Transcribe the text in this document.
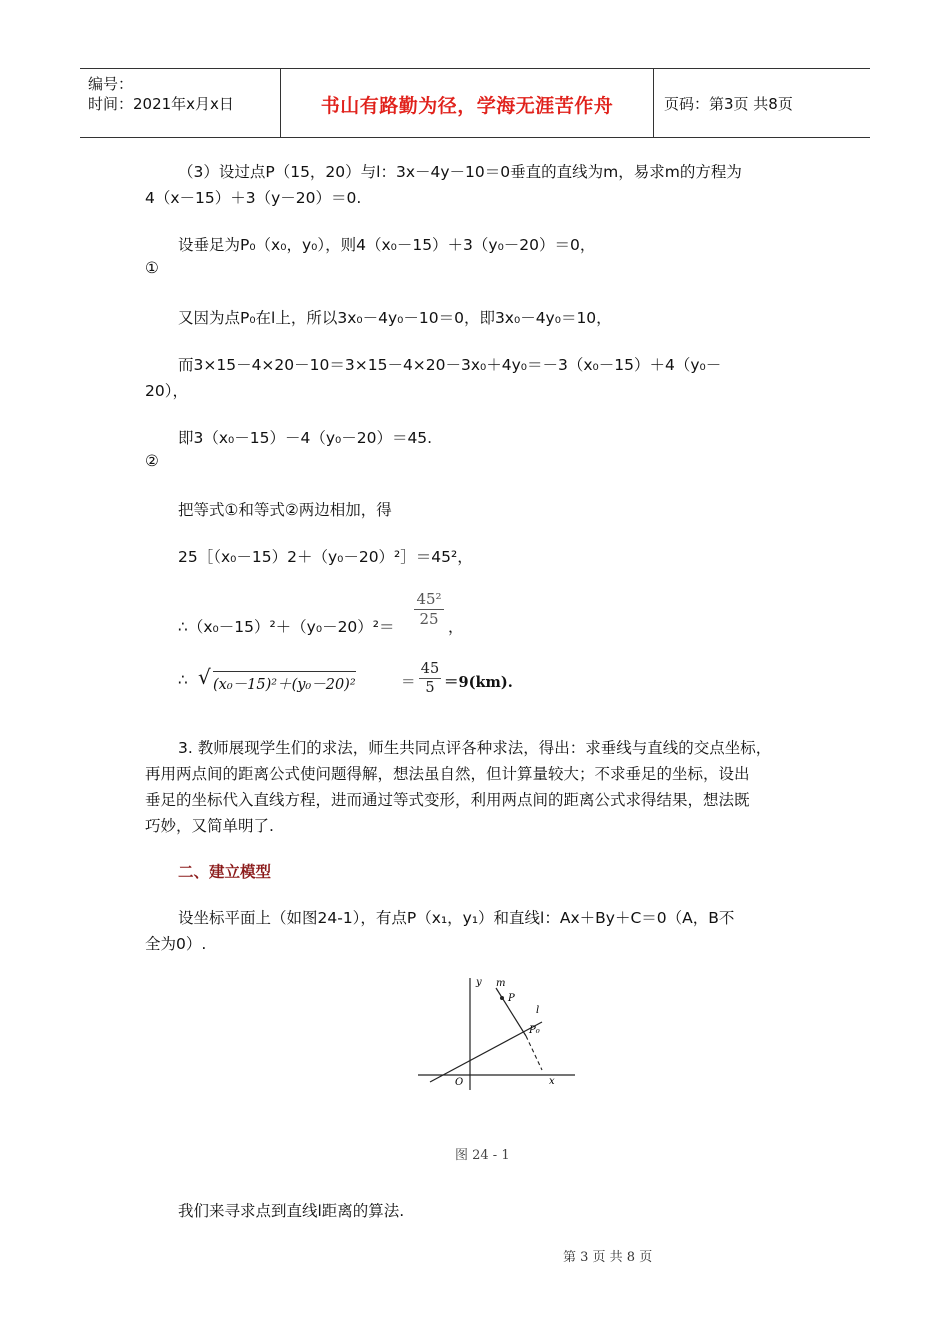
编号：
时间：2021年x月x日	书山有路勤为径，学海无涯苦作舟	页码：第3页 共8页
（3）设过点P（15，20）与l：3x－4y－10＝0垂直的直线为m，易求m的方程为
4（x－15）＋3（y－20）＝0.
设垂足为P₀（x₀，y₀），则4（x₀－15）＋3（y₀－20）＝0，
①
又因为点P₀在l上，所以3x₀－4y₀－10＝0，即3x₀－4y₀＝10，
而3×15－4×20－10＝3×15－4×20－3x₀＋4y₀＝－3（x₀－15）＋4（y₀－
20），
即3（x₀－15）－4（y₀－20）＝45.
②
把等式①和等式②两边相加，得
25［（x₀－15）2＋（y₀－20）²］＝45²，
∴（x₀－15）²＋（y₀－20）²＝ $\frac{\text{45²}}{25}$ ，
∴ √ (x₀－15)²＋(y₀－20)²	＝ $\frac{45}{5} =9(km)$.
3. 教师展现学生们的求法，师生共同点评各种求法，得出：求垂线与直线的交点坐标，
再用两点间的距离公式使问题得解，想法虽自然，但计算量较大；不求垂足的坐标，设出
垂足的坐标代入直线方程，进而通过等式变形，利用两点间的距离公式求得结果，想法既
巧妙，又简单明了.
二、建立模型
设坐标平面上（如图24-1），有点P（x₁，y₁）和直线l：Ax＋By＋C＝0（A，B不
全为0）.
y m
P
l
P₀
O	x
图 24 - 1
我们来寻求点到直线l距离的算法.
第 3 页 共 8 页
